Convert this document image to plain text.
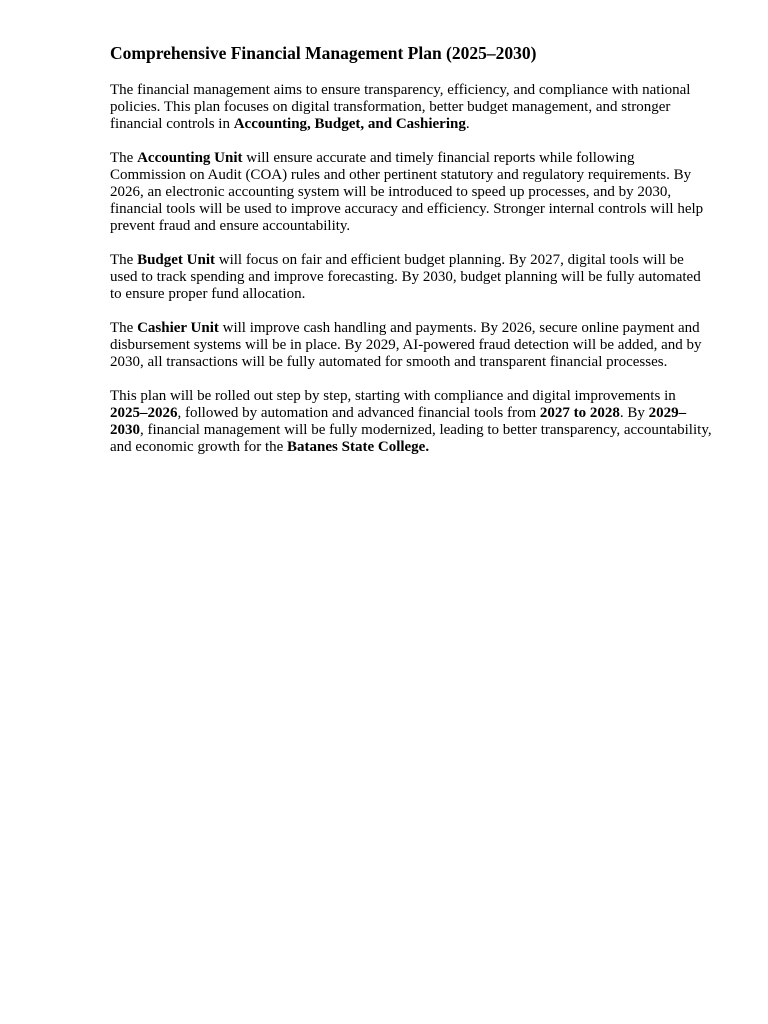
Comprehensive Financial Management Plan (2025–2030)

The financial management aims to ensure transparency, efficiency, and compliance with national policies. This plan focuses on digital transformation, better budget management, and stronger financial controls in Accounting, Budget, and Cashiering.

The Accounting Unit will ensure accurate and timely financial reports while following Commission on Audit (COA) rules and other pertinent statutory and regulatory requirements. By 2026, an electronic accounting system will be introduced to speed up processes, and by 2030, financial tools will be used to improve accuracy and efficiency. Stronger internal controls will help prevent fraud and ensure accountability.

The Budget Unit will focus on fair and efficient budget planning. By 2027, digital tools will be used to track spending and improve forecasting. By 2030, budget planning will be fully automated to ensure proper fund allocation.

The Cashier Unit will improve cash handling and payments. By 2026, secure online payment and disbursement systems will be in place. By 2029, AI-powered fraud detection will be added, and by 2030, all transactions will be fully automated for smooth and transparent financial processes.

This plan will be rolled out step by step, starting with compliance and digital improvements in 2025–2026, followed by automation and advanced financial tools from 2027 to 2028. By 2029–2030, financial management will be fully modernized, leading to better transparency, accountability, and economic growth for the Batanes State College.
